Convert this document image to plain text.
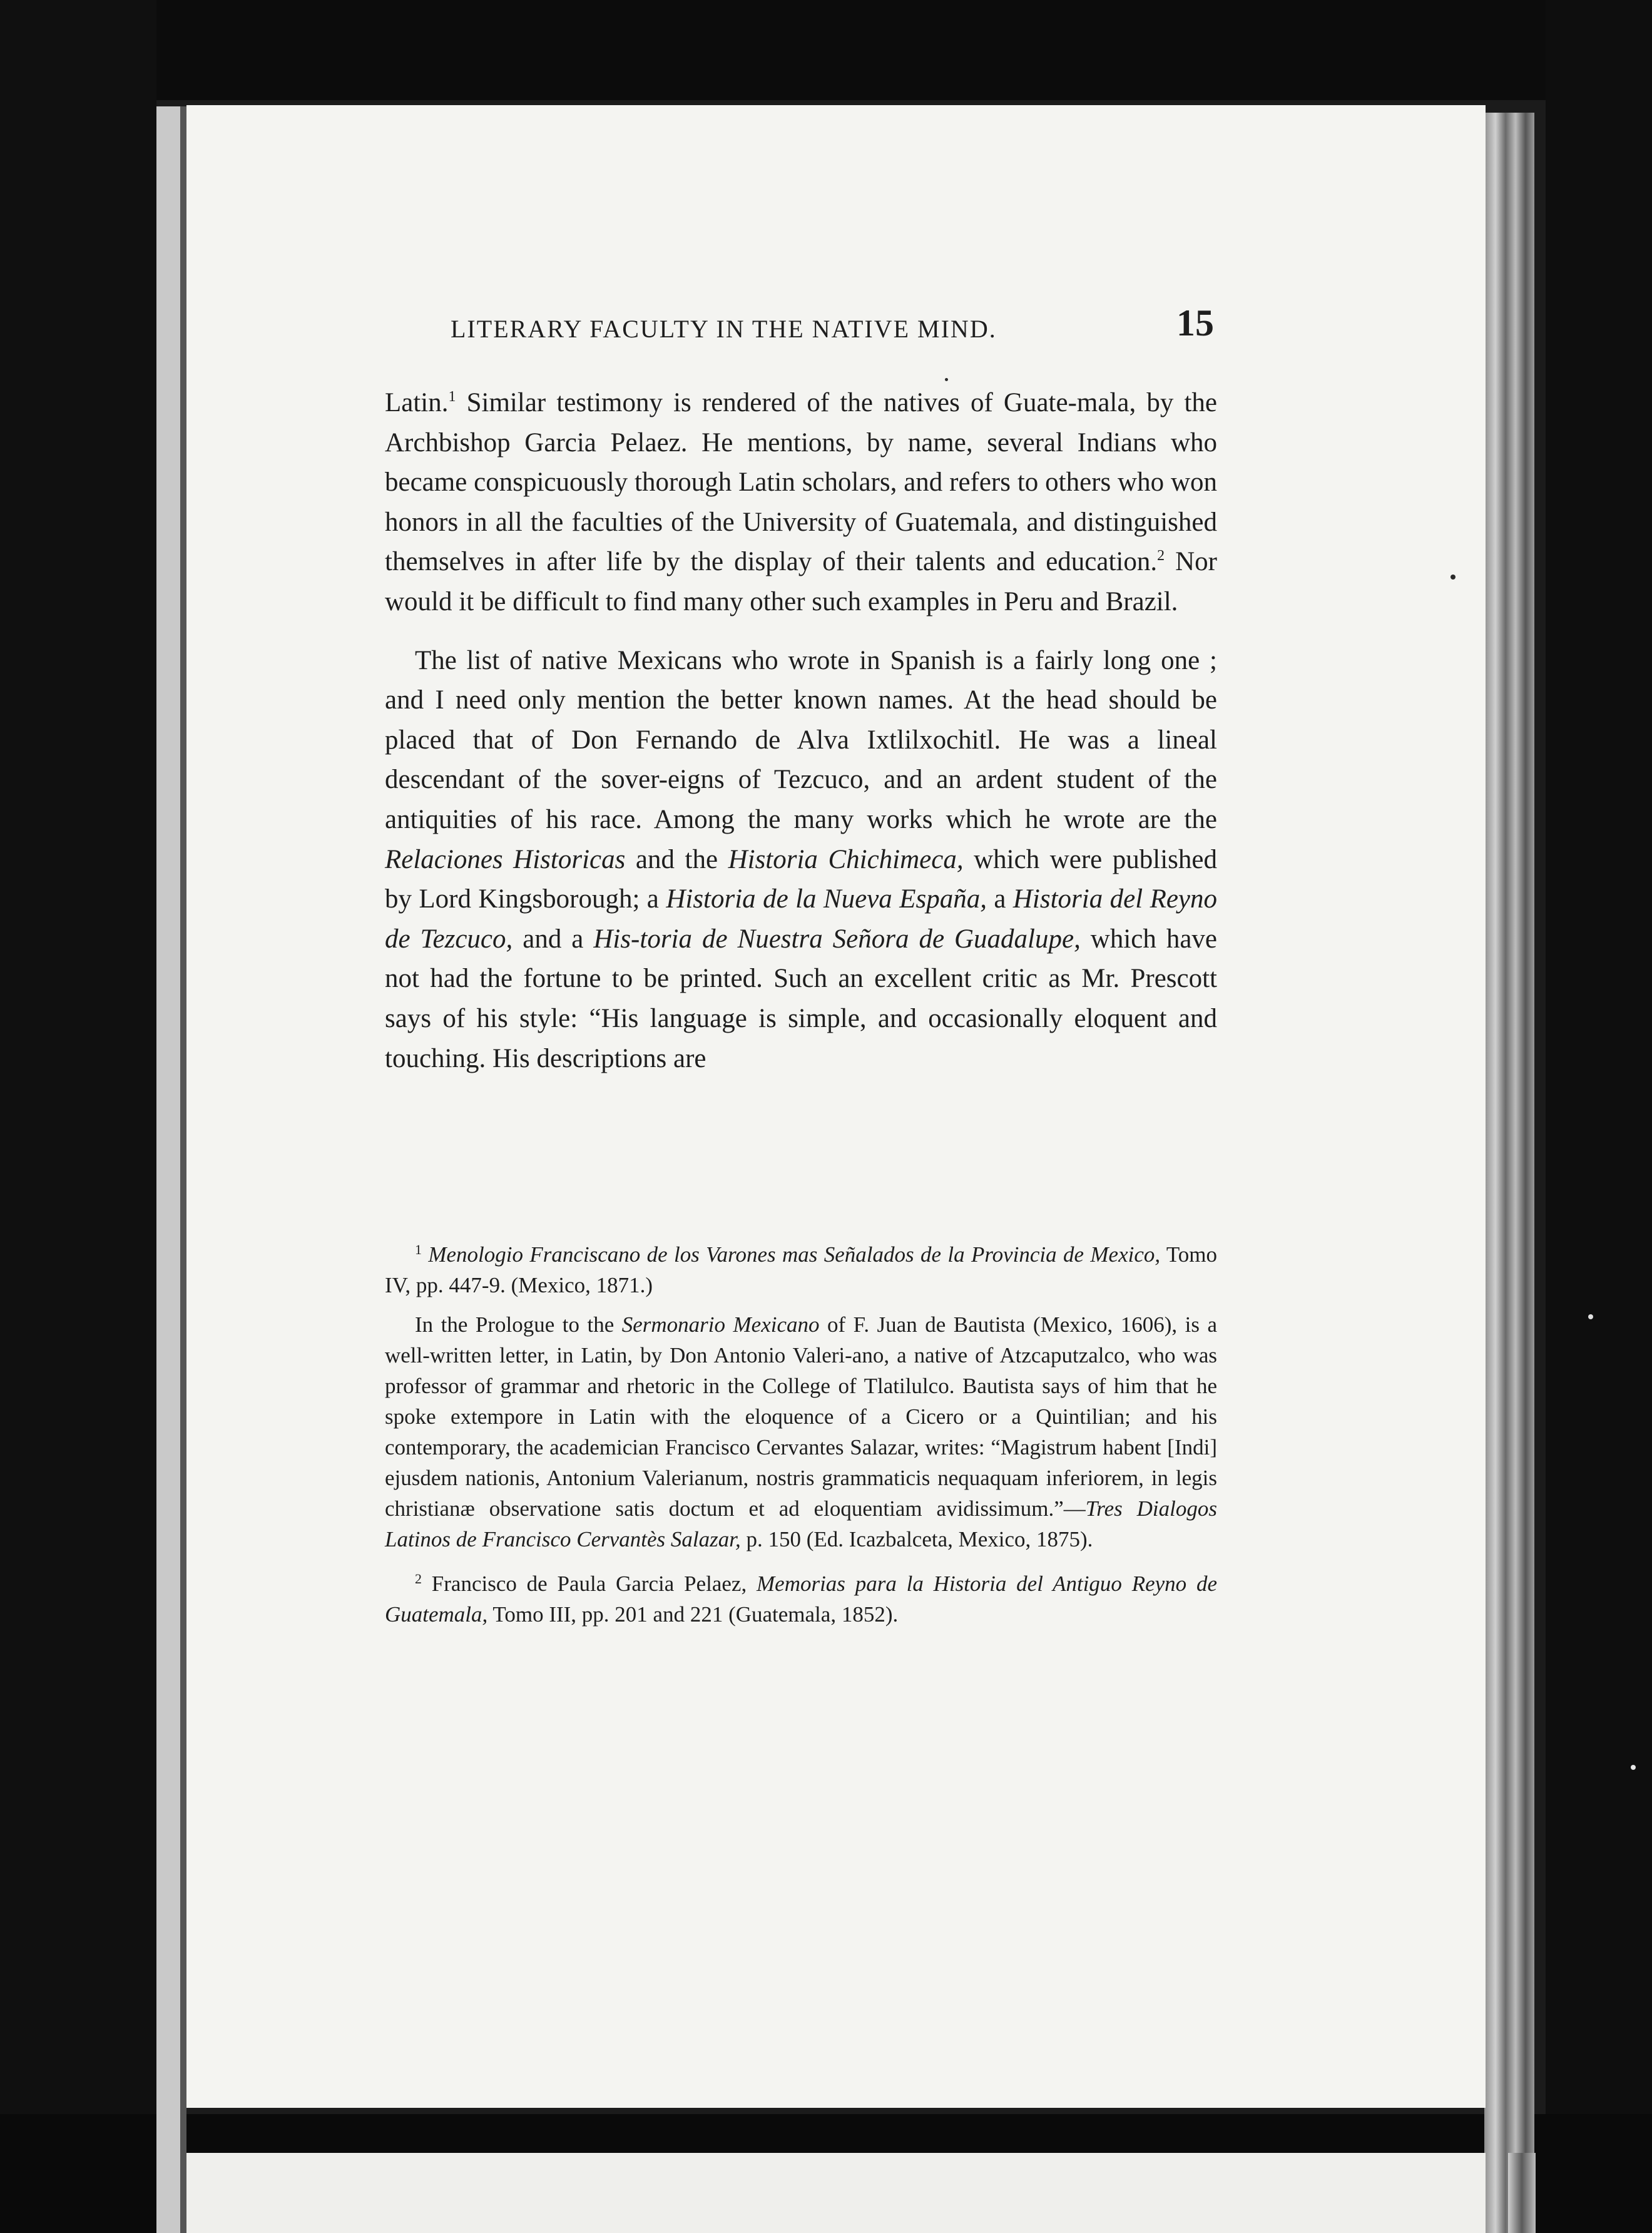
LITERARY FACULTY IN THE NATIVE MIND.	15

Latin.$^1$ Similar testimony is rendered of the natives of Guate-mala, by the Archbishop Garcia Pelaez. He mentions, by name, several Indians who became conspicuously thorough Latin scholars, and refers to others who won honors in all the faculties of the University of Guatemala, and distinguished themselves in after life by the display of their talents and education.$^2$ Nor would it be difficult to find many other such examples in Peru and Brazil.

The list of native Mexicans who wrote in Spanish is a fairly long one ; and I need only mention the better known names. At the head should be placed that of Don Fernando de Alva Ixtlilxochitl. He was a lineal descendant of the sover-eigns of Tezcuco, and an ardent student of the antiquities of his race. Among the many works which he wrote are the Relaciones Historicas and the Historia Chichimeca, which were published by Lord Kingsborough; a Historia de la Nueva España, a Historia del Reyno de Tezcuco, and a His-toria de Nuestra Señora de Guadalupe, which have not had the fortune to be printed. Such an excellent critic as Mr. Prescott says of his style: “His language is simple, and occasionally eloquent and touching. His descriptions are

$^1$ Menologio Franciscano de los Varones mas Señalados de la Provincia de Mexico, Tomo IV, pp. 447-9. (Mexico, 1871.)

In the Prologue to the Sermonario Mexicano of F. Juan de Bautista (Mexico, 1606), is a well-written letter, in Latin, by Don Antonio Valeri-ano, a native of Atzcaputzalco, who was professor of grammar and rhetoric in the College of Tlatilulco. Bautista says of him that he spoke extempore in Latin with the eloquence of a Cicero or a Quintilian; and his contemporary, the academician Francisco Cervantes Salazar, writes: “Magistrum habent [Indi] ejusdem nationis, Antonium Valerianum, nostris grammaticis nequaquam inferiorem, in legis christianæ observatione satis doctum et ad eloquentiam avidissimum.”—Tres Dialogos Latinos de Francisco Cervantès Salazar, p. 150 (Ed. Icazbalceta, Mexico, 1875).

$^2$ Francisco de Paula Garcia Pelaez, Memorias para la Historia del Antiguo Reyno de Guatemala, Tomo III, pp. 201 and 221 (Guatemala, 1852).
